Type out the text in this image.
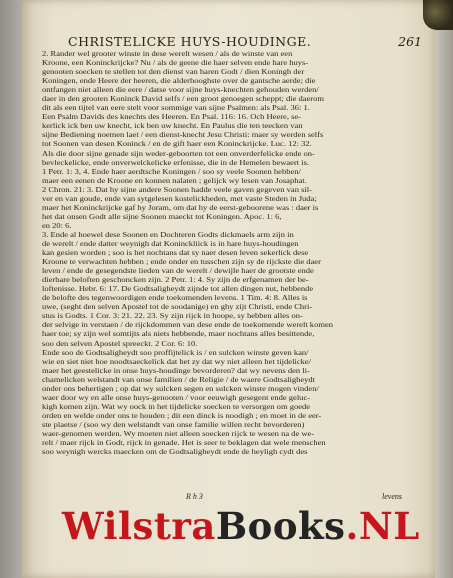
CHRISTELICKE HUYS-HOUDINGE.	261
2. Rander wel grooter winste in dese werelt wesen / als de winste van een
Kroone, een Koninckrijcke? Nu / als de geene die haer selven ende hare huys-
genooten soecken te stellen tot den dienst van haren Godt / dien Koningh der
Koningen, ende Heere der heeren, die alderhooghste over de gantsche aerde; die
ontfangen niet alleen die eere / datse voor sijne huys-knechten gehouden werden/
daer in den grooten Koninck David selfs / een groot genoegen scheppt; die daerom
dit als een tijtel van eere stelt voor sommige van sijne Psalmen: als Psal. 36: 1.
Een Psalm Davids des knechts des Heeren. En Psal. 116: 16. Och Heere, se-
kerlick ick ben uw knecht, ick ben uw knecht. En Paulus die ten teecken van
sijne Bediening noemen laet / een dienst-knecht Jesu Christi: maer sy werden selfs
tot Soonen van desen Koninck / en de gift haer een Koninckrijcke. Luc. 12: 32.
Als die door sijne genade sijn weder-geboorten tot een onverderfelicke ende on-
bevleckelicke, ende onverwelckelicke erfenisse, die in de Hemelen bewaert is.
1 Petr. 1: 3, 4. Ende haer aerdtsche Koningen / soo sy veele Soonen hebben/
maer een eenen de Kroone en konnen nalaten ; gelijck wy lesen van Josaphat.
2 Chron. 21: 3. Dat hy sijne andere Soonen hadde veele gaven gegeven van sil-
ver en van goude, ende van sytgelesen kostelickheden, met vaste Steden in Juda;
maer het Koninckrijcke gaf hy Joram, om dat hy de eerst-geboorene was : daer is
het dat onsen Godt alle sijne Soonen maeckt tot Koningen. Apoc. 1: 6,
en 20: 6.
3. Ende al hoewel dese Soonen en Dochteren Godts dickmaels arm zijn in
de werelt / ende datter weynigh dat Koninckliick is in hare huys-houdingen
kan gesien worden ; soo is het nochtans dat sy naer desen leven sekerlick dese
Kroone te verwachten hebben ; ende onder en tusschen zijn sy de rijckste die daer
leven / ende de gesegendste lieden van de werelt / dewijle haer de grootste ende
dierbare beloften geschoncken zijn. 2 Petr. 1: 4. Sy zijn de erfgenamen der be-
loftenisse. Hebr. 6: 17. De Godtsaligheydt zijnde tot allen dingen nut, hebbende
de belofte des tegenwoordigen ende toekomenden levens. 1 Tim. 4: 8. Alles is
uwe, (seght den selven Apostel tot de soodanige) en ghy zijt Christi, ende Chri-
stus is Godts. 1 Cor. 3: 21. 22. 23. Sy zijn rijck in hoope, sy hebben alles on-
der selvige in verstaen / de rijckdommen van dese ende de toekomende werelt komen
haer toe; sy zijn wel somtijts als niets hebbende, maer nochtans alles besittende,
soo den selven Apostel spreeckt. 2 Cor. 6: 10.
Ende soo de Godtsaligheydt soo proffijtelick is / en sulcken winste geven kan/
wie en siet niet hoe noodtsaeckelick dat het zy dat wy niet alleen het tijdelicke/
maer het geestelicke in onse huys-houdinge bevorderen? dat wy nevens den li-
chamelicken welstandt van onse familien / de Religie / de waere Godtsaligheydt
onder ons behertigen ; op dat wy sulcken segen en sulcken winste mogen vinden/
waer door wy en alle onse huys-genooten / voor eeuwigh gesegent ende geluc-
kigh komen zijn. Wat wy oock in het tijdelicke soecken te versorgen om goede
orden en welde onder ons te houden ; dit een dinck is noodigh ; en moet in de eer-
ste plaetse / (soo wy den welstandt van onse familie willen recht bevorderen)
waer-genomen werden. Wy moeten niet alleen soecken rijck te wesen na de we-
relt / maer rijck in Godt, rijck in genade. Het is seer te beklagen dat wele menschen
soo weynigh wercks maecken om de Godtsaligheydt ende de heyligh cydt des
R h 3	levens
WilstraBooks.NL
